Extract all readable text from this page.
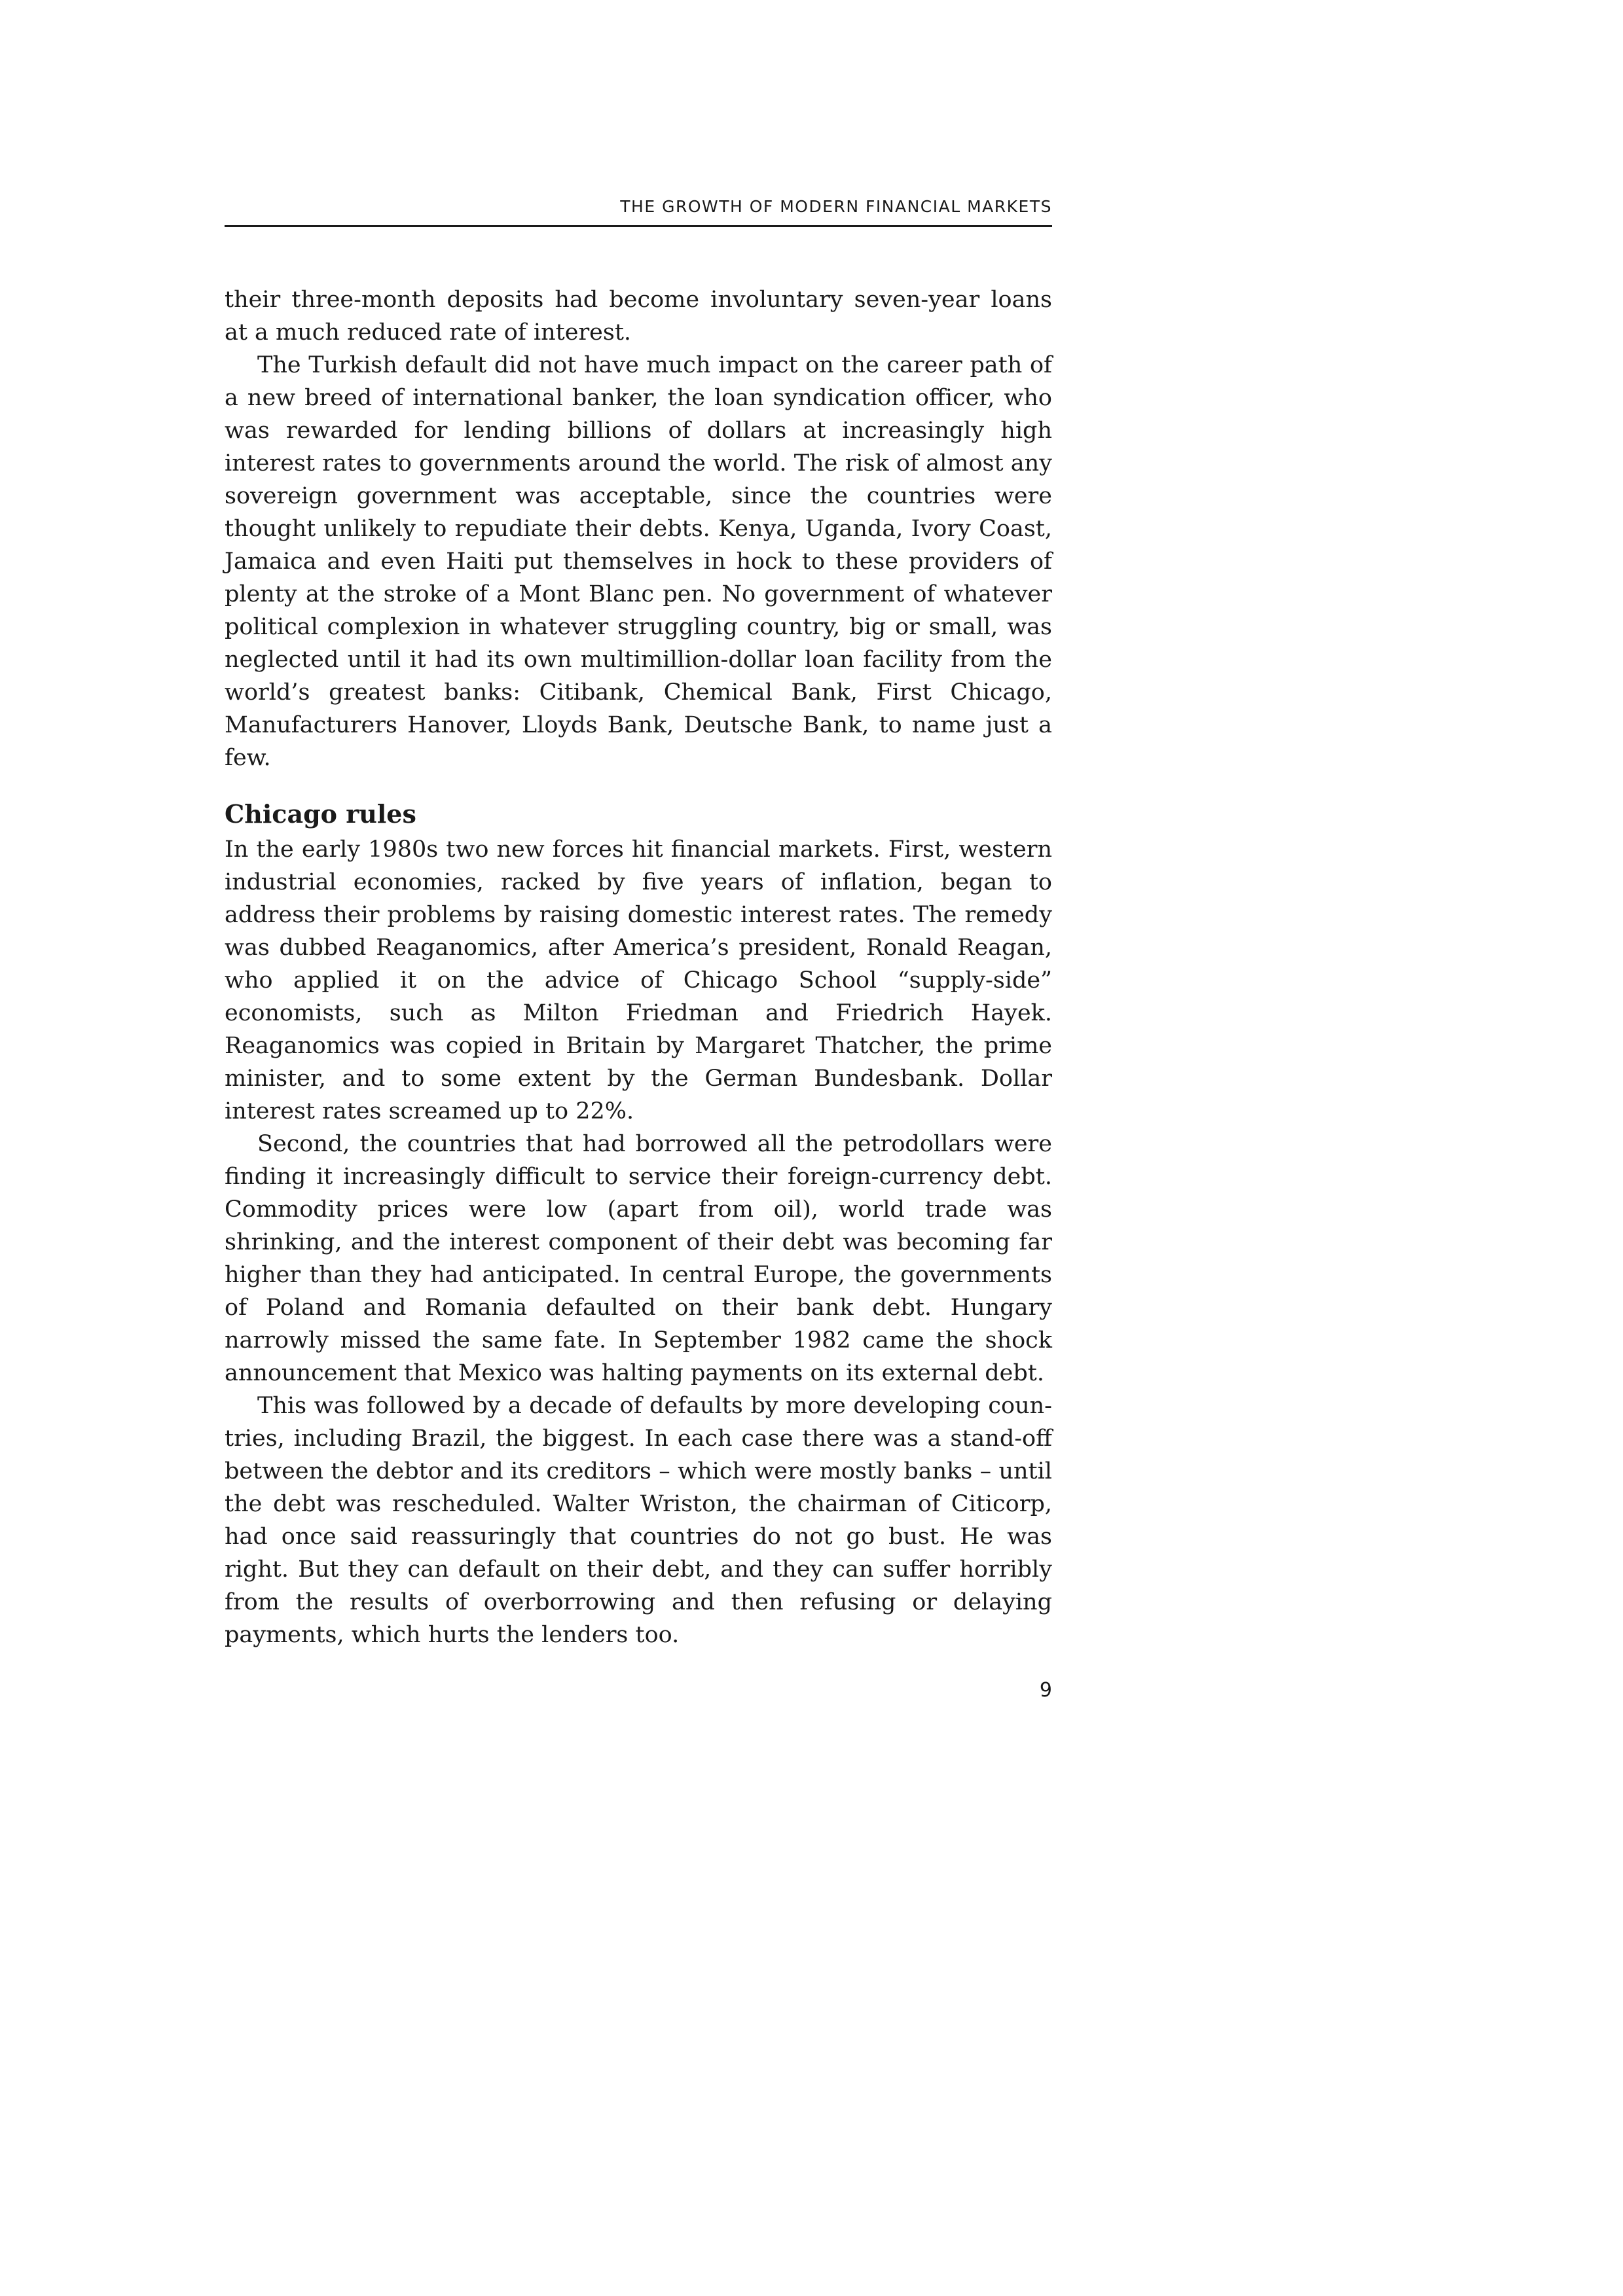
THE GROWTH OF MODERN FINANCIAL MARKETS

their three-month deposits had become involuntary seven-year loans at a much reduced rate of interest.

The Turkish default did not have much impact on the career path of a new breed of international banker, the loan syndication officer, who was rewarded for lending billions of dollars at increasingly high interest rates to governments around the world. The risk of almost any sovereign government was acceptable, since the countries were thought unlikely to repudiate their debts. Kenya, Uganda, Ivory Coast, Jamaica and even Haiti put themselves in hock to these providers of plenty at the stroke of a Mont Blanc pen. No government of whatever political complexion in whatever struggling country, big or small, was neglected until it had its own multimillion-dollar loan facility from the world’s greatest banks: Citibank, Chemical Bank, First Chicago, Manufacturers Hanover, Lloyds Bank, Deutsche Bank, to name just a few.

Chicago rules

In the early 1980s two new forces hit financial markets. First, western industrial economies, racked by five years of inflation, began to address their problems by raising domestic interest rates. The remedy was dubbed Reaganomics, after America’s president, Ronald Reagan, who applied it on the advice of Chicago School “supply-side” economists, such as Milton Friedman and Friedrich Hayek. Reaganomics was copied in Britain by Margaret Thatcher, the prime minister, and to some extent by the German Bundesbank. Dollar interest rates screamed up to 22%.

Second, the countries that had borrowed all the petrodollars were finding it increasingly difficult to service their foreign-currency debt. Commodity prices were low (apart from oil), world trade was shrinking, and the interest component of their debt was becoming far higher than they had anticipated. In central Europe, the governments of Poland and Romania defaulted on their bank debt. Hungary narrowly missed the same fate. In September 1982 came the shock announcement that Mexico was halting payments on its external debt.

This was followed by a decade of defaults by more developing countries, including Brazil, the biggest. In each case there was a stand-off between the debtor and its creditors – which were mostly banks – until the debt was rescheduled. Walter Wriston, the chairman of Citicorp, had once said reassuringly that countries do not go bust. He was right. But they can default on their debt, and they can suffer horribly from the results of overborrowing and then refusing or delaying payments, which hurts the lenders too.

9
